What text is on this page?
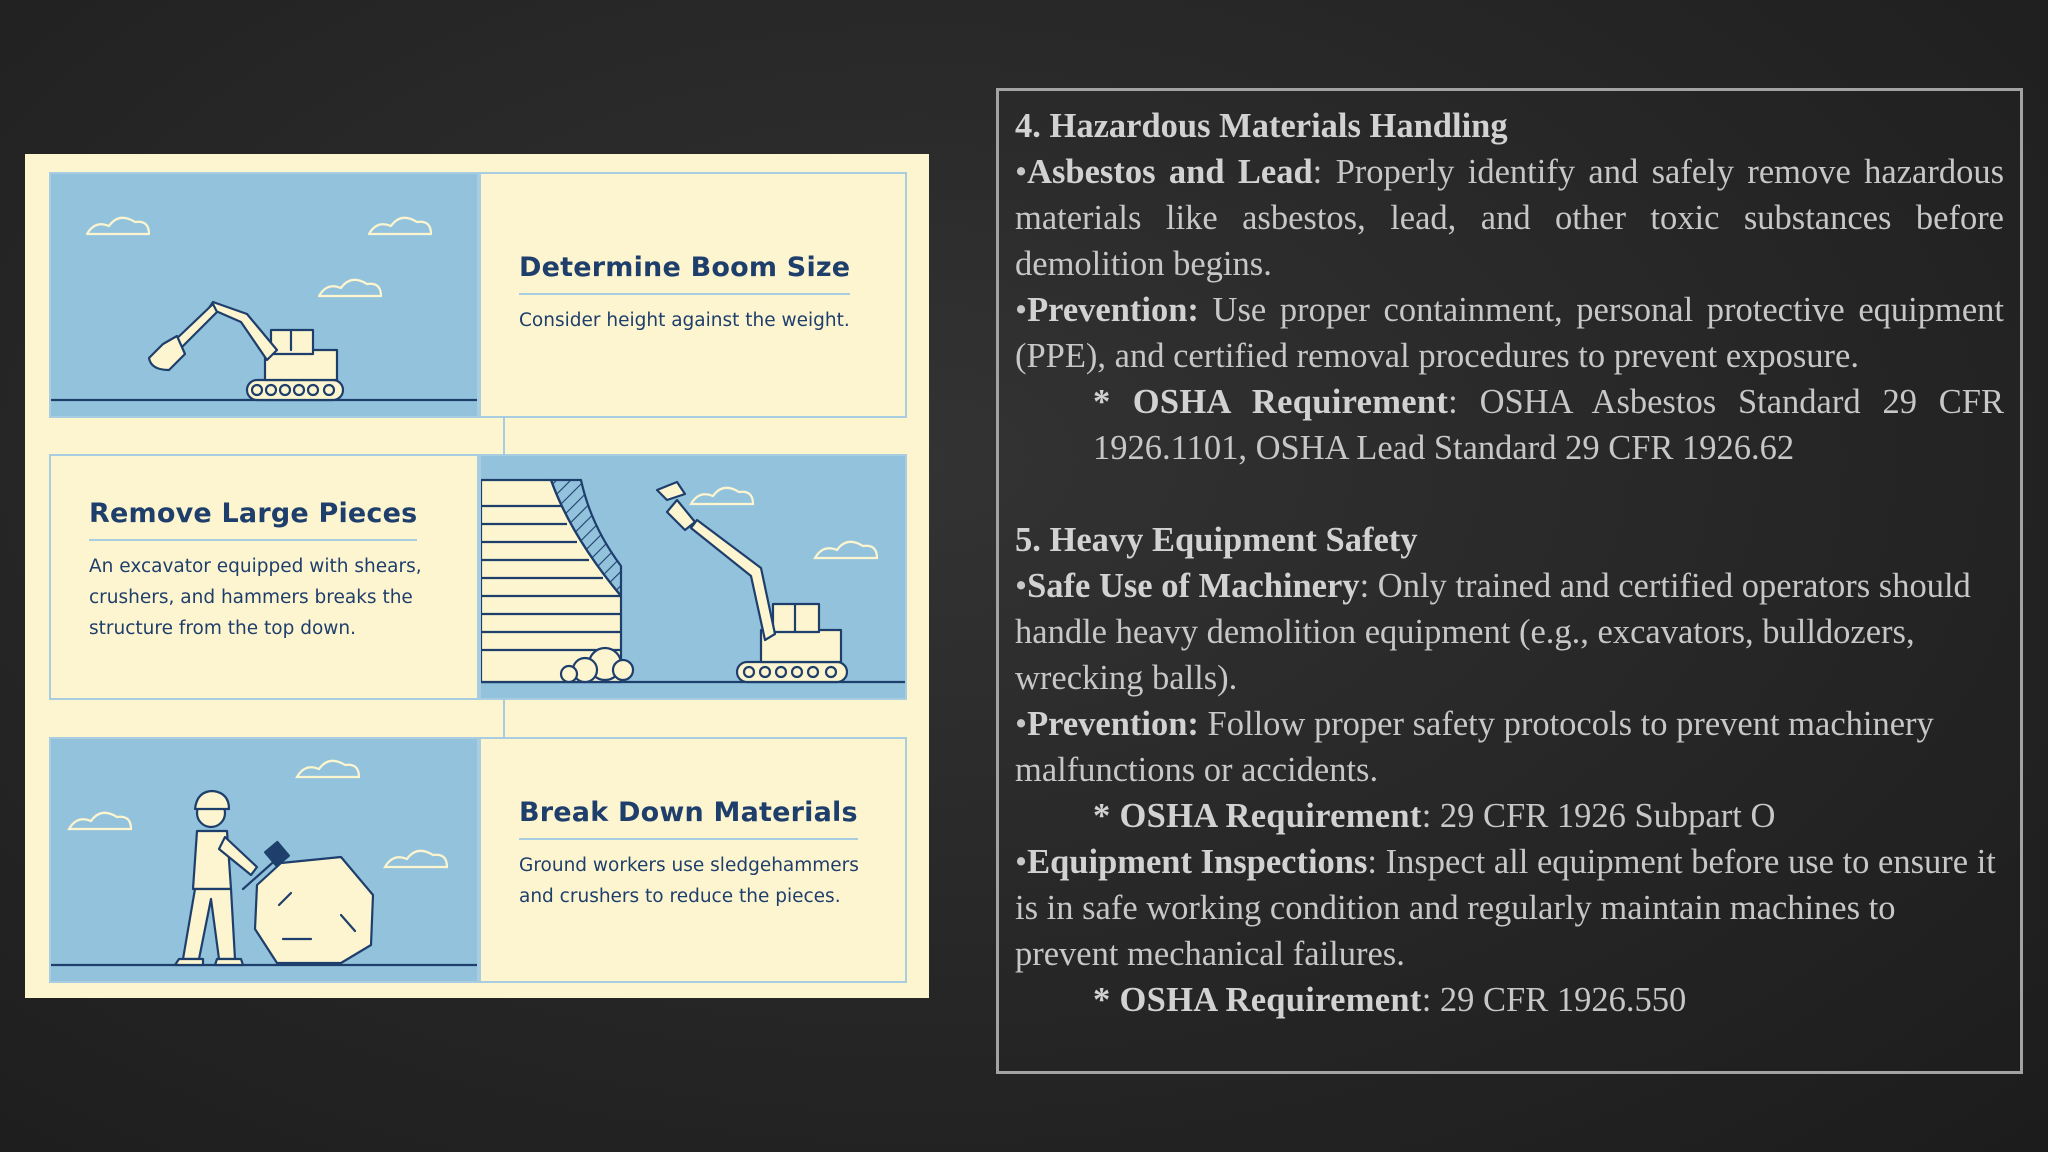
Determine Boom Size
Consider height against the weight.
Remove Large Pieces
An excavator equipped with shears,
crushers, and hammers breaks the
structure from the top down.
Break Down Materials
Ground workers use sledgehammers
and crushers to reduce the pieces.
4. Hazardous Materials Handling
•Asbestos and Lead: Properly identify and safely remove hazardous materials like asbestos, lead, and other toxic substances before demolition begins.
•Prevention: Use proper containment, personal protective equipment (PPE), and certified removal procedures to prevent exposure.
* OSHA Requirement: OSHA Asbestos Standard 29 CFR 1926.1101, OSHA Lead Standard 29 CFR 1926.62
5. Heavy Equipment Safety
•Safe Use of Machinery: Only trained and certified operators should handle heavy demolition equipment (e.g., excavators, bulldozers, wrecking balls).
•Prevention: Follow proper safety protocols to prevent machinery malfunctions or accidents.
* OSHA Requirement: 29 CFR 1926 Subpart O
•Equipment Inspections: Inspect all equipment before use to ensure it is in safe working condition and regularly maintain machines to prevent mechanical failures.
* OSHA Requirement: 29 CFR 1926.550
